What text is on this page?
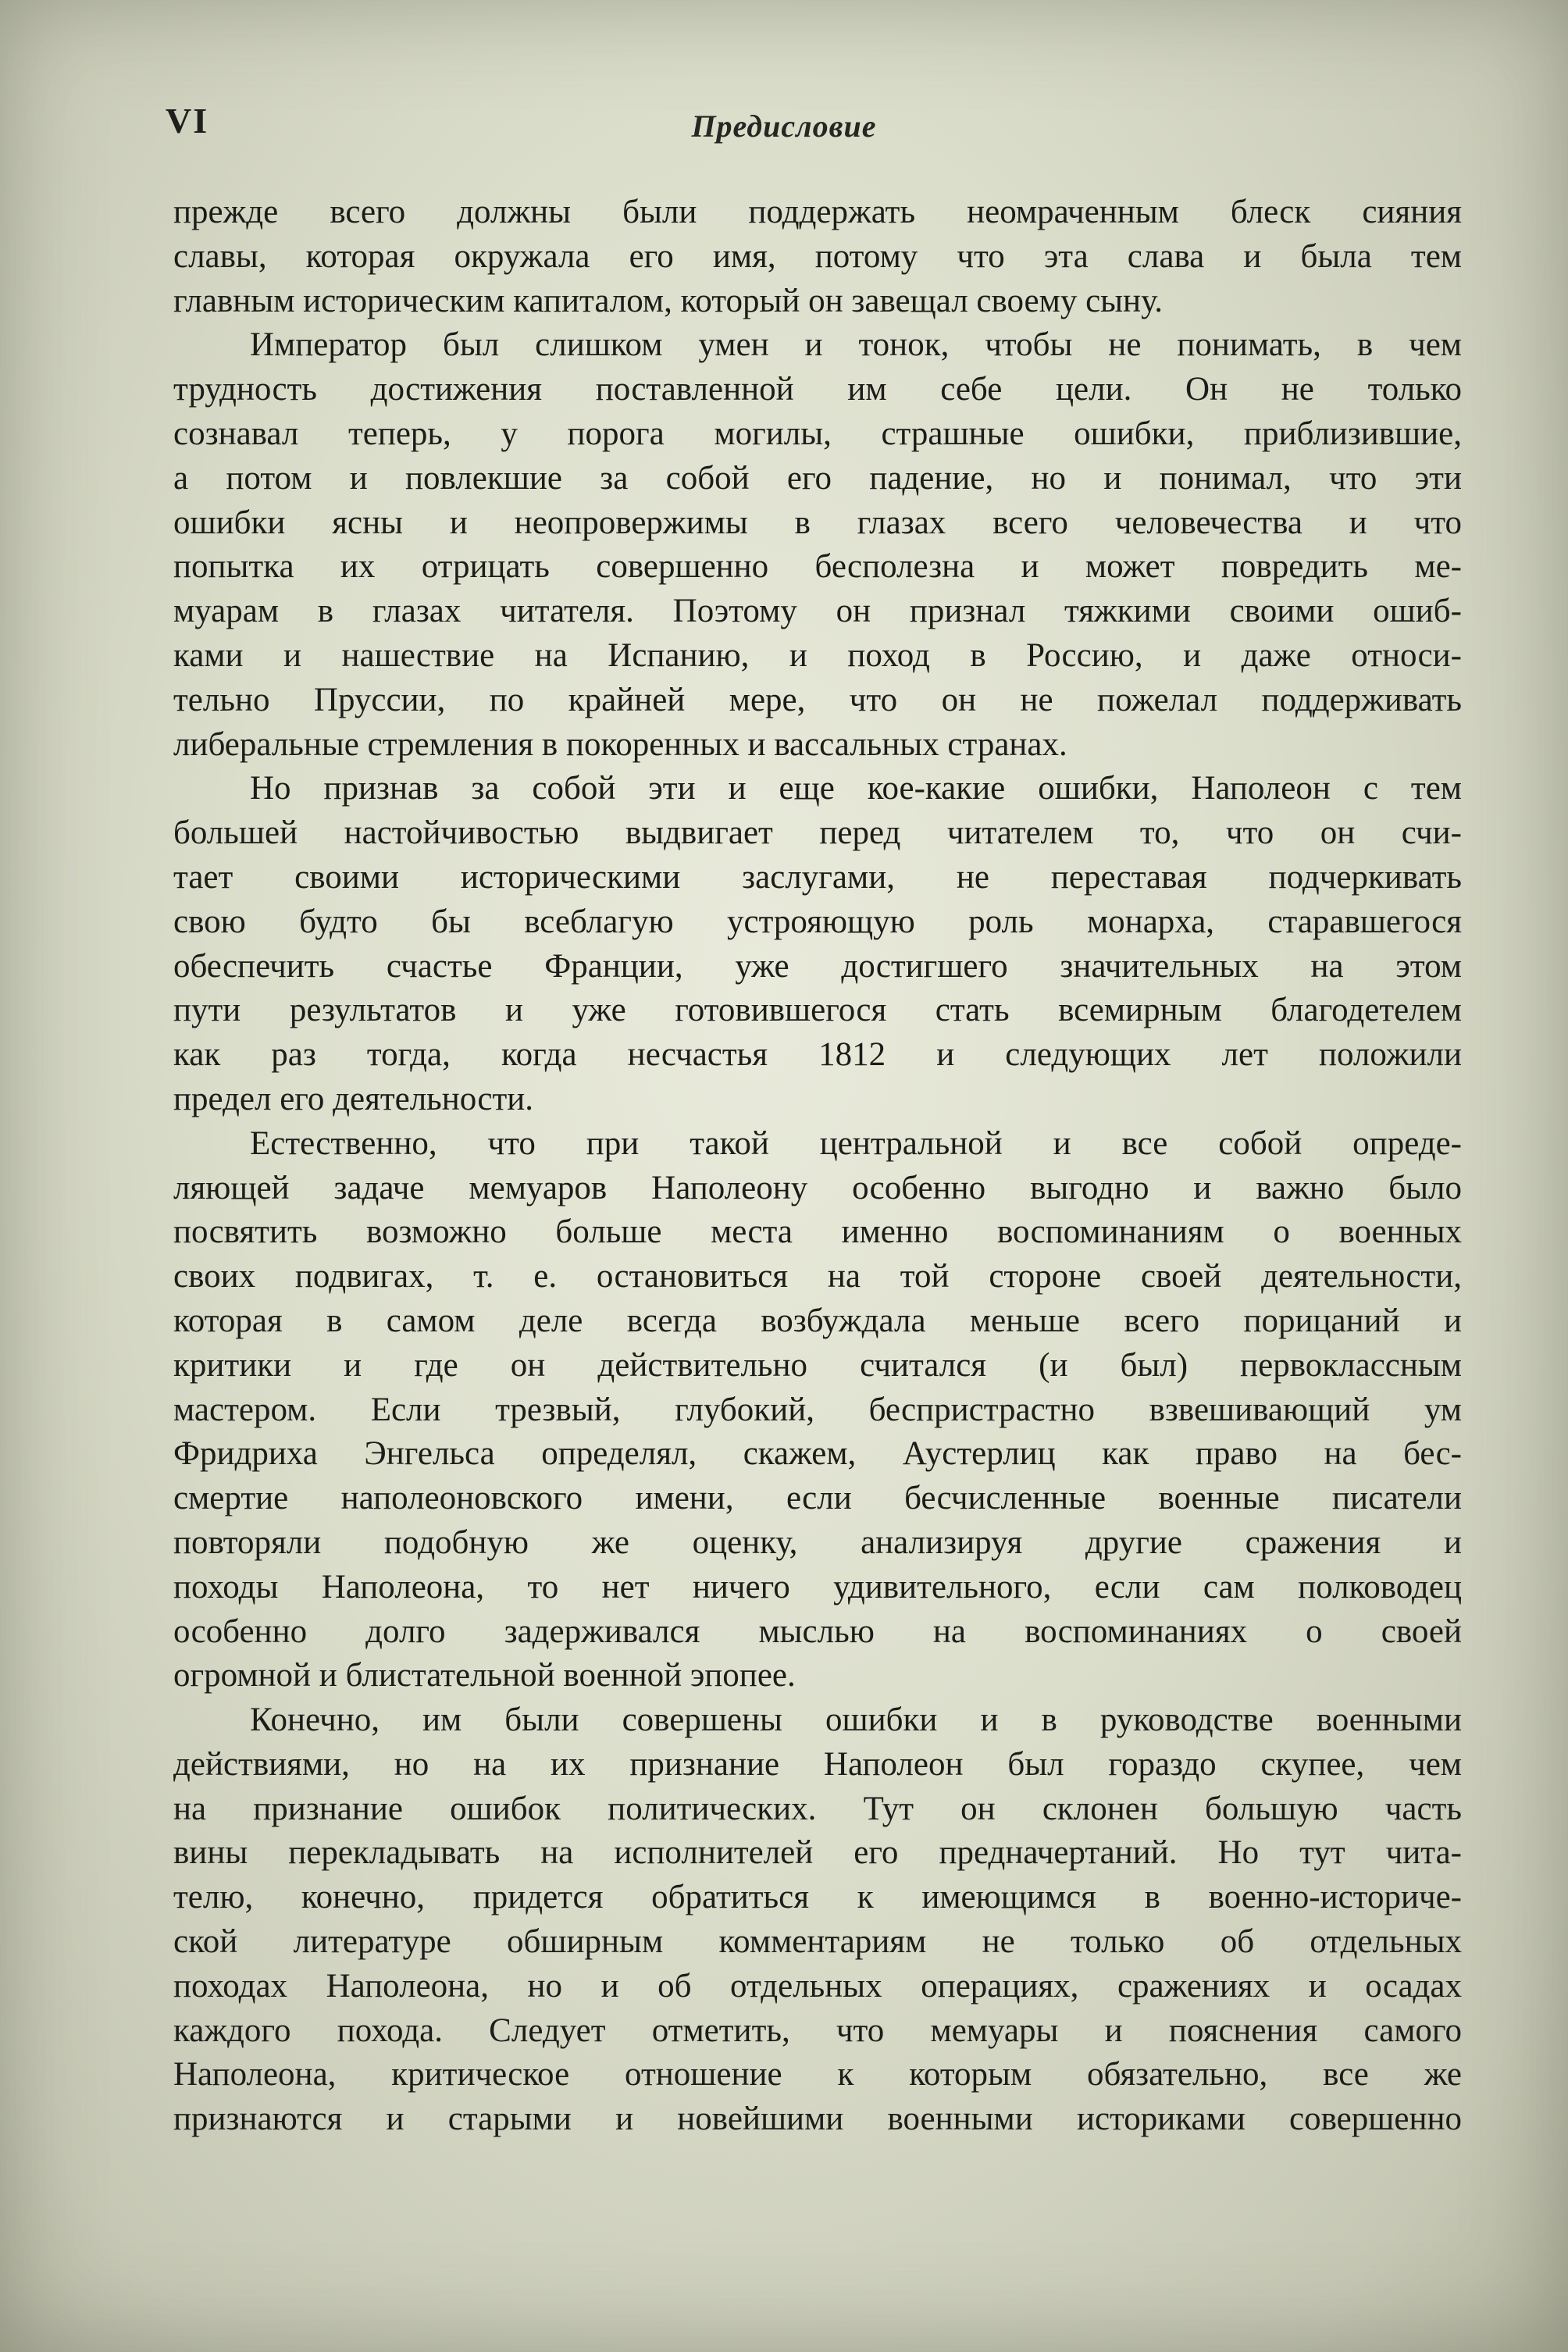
VI	Предисловие
прежде всего должны были поддержать неомраченным блеск сияния
славы, которая окружала его имя, потому что эта слава и была тем
главным историческим капиталом, который он завещал своему сыну.
Император был слишком умен и тонок, чтобы не понимать, в чем
трудность достижения поставленной им себе цели. Он не только
сознавал теперь, у порога могилы, страшные ошибки, приблизившие,
а потом и повлекшие за собой его падение, но и понимал, что эти
ошибки ясны и неопровержимы в глазах всего человечества и что
попытка их отрицать совершенно бесполезна и может повредить ме-
муарам в глазах читателя. Поэтому он признал тяжкими своими ошиб-
ками и нашествие на Испанию, и поход в Россию, и даже относи-
тельно Пруссии, по крайней мере, что он не пожелал поддерживать
либеральные стремления в покоренных и вассальных странах.
Но признав за собой эти и еще кое-какие ошибки, Наполеон с тем
большей настойчивостью выдвигает перед читателем то, что он счи-
тает своими историческими заслугами, не переставая подчеркивать
свою будто бы всеблагую устрояющую роль монарха, старавшегося
обеспечить счастье Франции, уже достигшего значительных на этом
пути результатов и уже готовившегося стать всемирным благодетелем
как раз тогда, когда несчастья 1812 и следующих лет положили
предел его деятельности.
Естественно, что при такой центральной и все собой опреде-
ляющей задаче мемуаров Наполеону особенно выгодно и важно было
посвятить возможно больше места именно воспоминаниям о военных
своих подвигах, т. е. остановиться на той стороне своей деятельности,
которая в самом деле всегда возбуждала меньше всего порицаний и
критики и где он действительно считался (и был) первоклассным
мастером. Если трезвый, глубокий, беспристрастно взвешивающий ум
Фридриха Энгельса определял, скажем, Аустерлиц как право на бес-
смертие наполеоновского имени, если бесчисленные военные писатели
повторяли подобную же оценку, анализируя другие сражения и
походы Наполеона, то нет ничего удивительного, если сам полководец
особенно долго задерживался мыслью на воспоминаниях о своей
огромной и блистательной военной эпопее.
Конечно, им были совершены ошибки и в руководстве военными
действиями, но на их признание Наполеон был гораздо скупее, чем
на признание ошибок политических. Тут он склонен большую часть
вины перекладывать на исполнителей его предначертаний. Но тут чита-
телю, конечно, придется обратиться к имеющимся в военно-историче-
ской литературе обширным комментариям не только об отдельных
походах Наполеона, но и об отдельных операциях, сражениях и осадах
каждого похода. Следует отметить, что мемуары и пояснения самого
Наполеона, критическое отношение к которым обязательно, все же
признаются и старыми и новейшими военными историками совершенно
